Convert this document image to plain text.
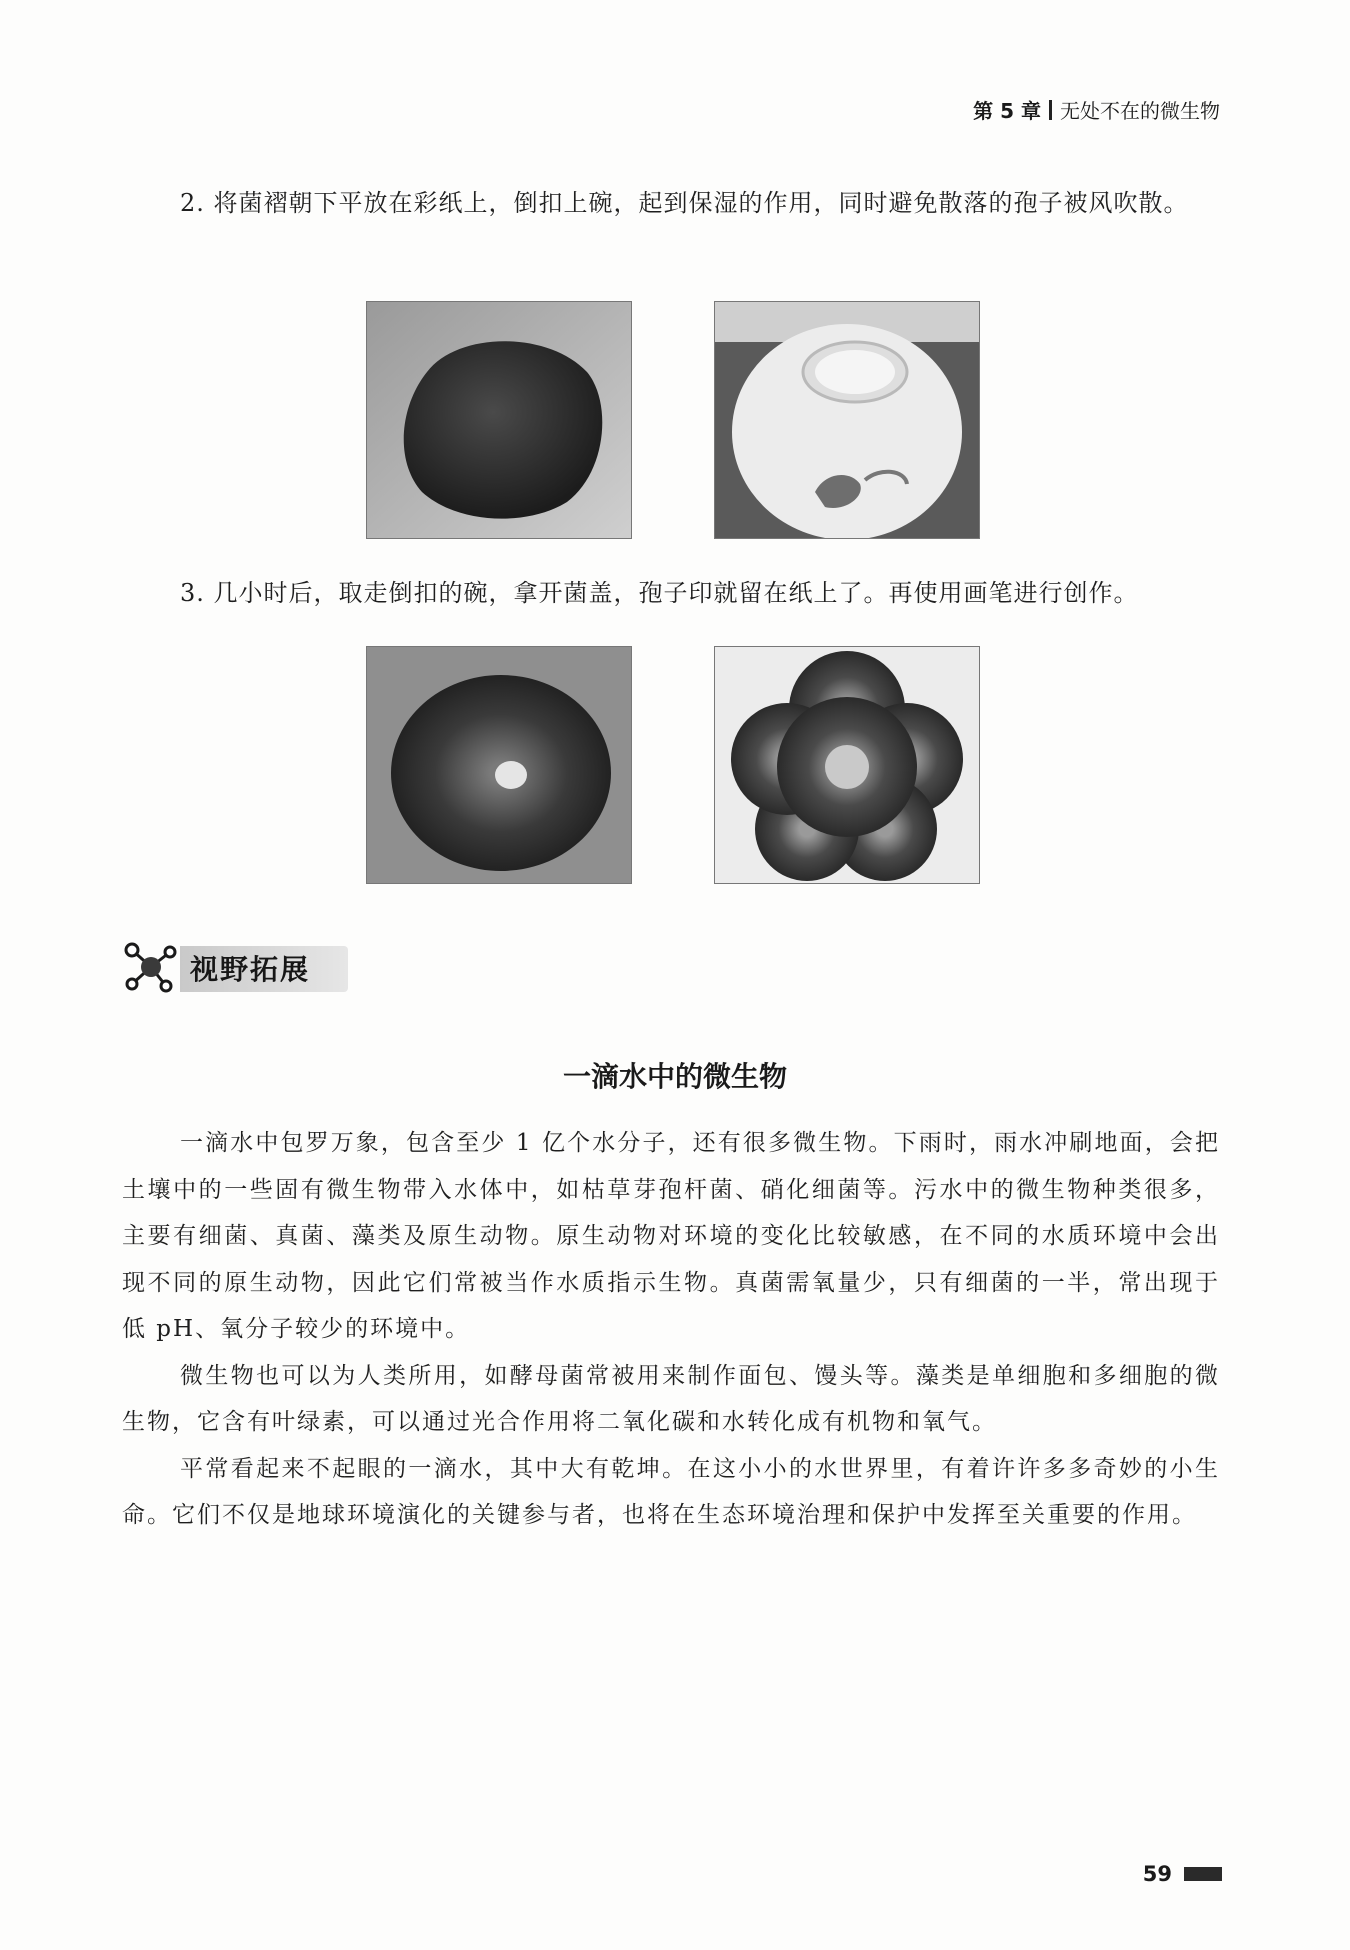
第 5 章 无处不在的微生物

2. 将菌褶朝下平放在彩纸上，倒扣上碗，起到保湿的作用，同时避免散落的孢子被风吹散。

3. 几小时后，取走倒扣的碗，拿开菌盖，孢子印就留在纸上了。再使用画笔进行创作。

视野拓展
一滴水中的微生物

一滴水中包罗万象，包含至少 1 亿个水分子，还有很多微生物。下雨时，雨水冲刷地面，会把土壤中的一些固有微生物带入水体中，如枯草芽孢杆菌、硝化细菌等。污水中的微生物种类很多，主要有细菌、真菌、藻类及原生动物。原生动物对环境的变化比较敏感，在不同的水质环境中会出现不同的原生动物，因此它们常被当作水质指示生物。真菌需氧量少，只有细菌的一半，常出现于低 pH、氧分子较少的环境中。

微生物也可以为人类所用，如酵母菌常被用来制作面包、馒头等。藻类是单细胞和多细胞的微生物，它含有叶绿素，可以通过光合作用将二氧化碳和水转化成有机物和氧气。

平常看起来不起眼的一滴水，其中大有乾坤。在这小小的水世界里，有着许许多多奇妙的小生命。它们不仅是地球环境演化的关键参与者，也将在生态环境治理和保护中发挥至关重要的作用。

59
